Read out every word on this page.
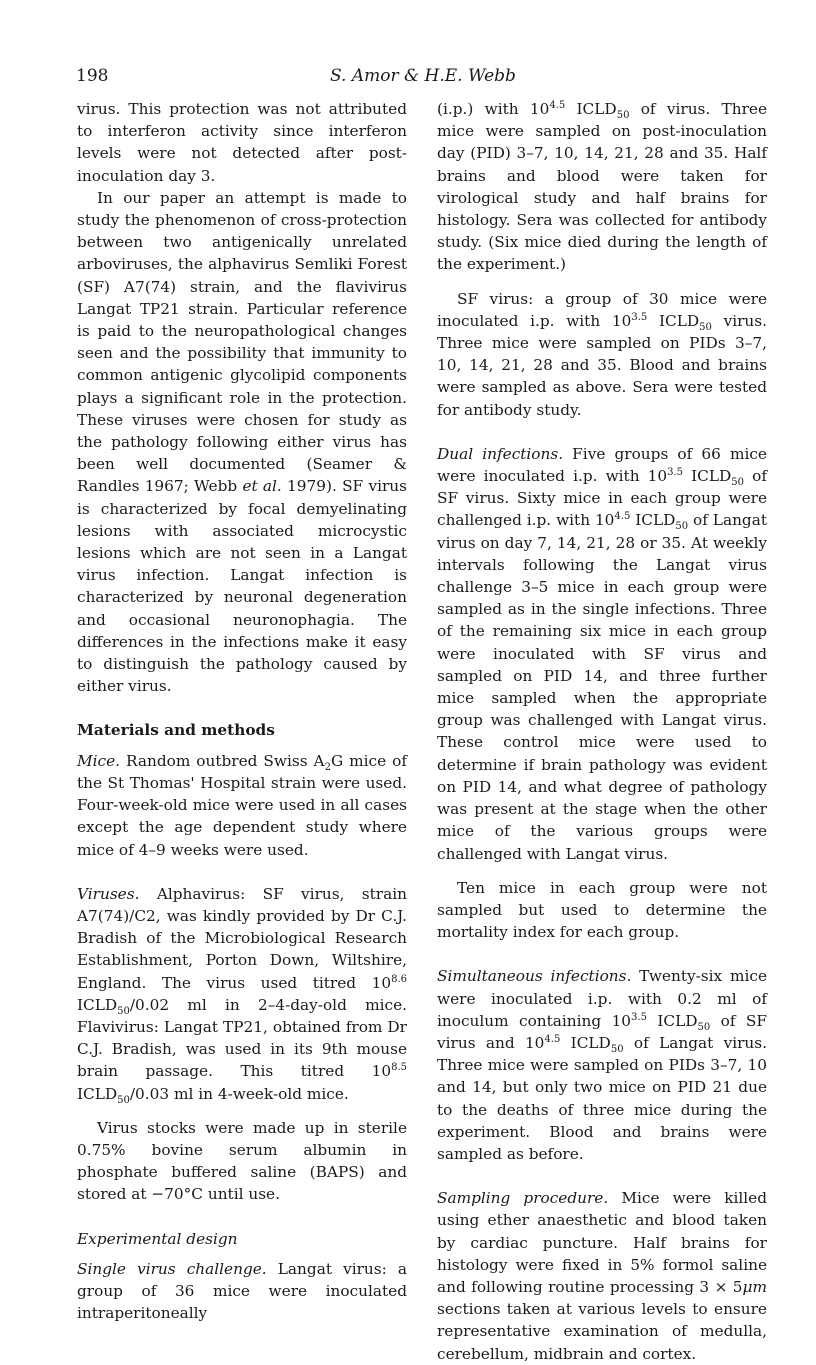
198	S. Amor & H.E. Webb

virus. This protection was not attributed to interferon activity since interferon levels were not detected after post-inoculation day 3.

In our paper an attempt is made to study the phenomenon of cross-protection between two antigenically unrelated arboviruses, the alphavirus Semliki Forest (SF) A7(74) strain, and the flavivirus Langat TP21 strain. Particular reference is paid to the neuropathological changes seen and the possibility that immunity to common antigenic glycolipid components plays a significant role in the protection. These viruses were chosen for study as the pathology following either virus has been well documented (Seamer & Randles 1967; Webb et al. 1979). SF virus is characterized by focal demyelinating lesions with associated microcystic lesions which are not seen in a Langat virus infection. Langat infection is characterized by neuronal degeneration and occasional neuronophagia. The differences in the infections make it easy to distinguish the pathology caused by either virus.

Materials and methods

Mice. Random outbred Swiss $A_2G$ mice of the St Thomas' Hospital strain were used. Four-week-old mice were used in all cases except the age dependent study where mice of 4–9 weeks were used.

Viruses. Alphavirus: SF virus, strain A7(74)/C2, was kindly provided by Dr C.J. Bradish of the Microbiological Research Establishment, Porton Down, Wiltshire, England. The virus used titred $10^{8.6}$ $ICLD_{50}/0.02$ ml in 2–4-day-old mice. Flavivirus: Langat TP21, obtained from Dr C.J. Bradish, was used in its 9th mouse brain passage. This titred $10^{8.5}$ $ICLD_{50}/0.03$ ml in 4-week-old mice.

Virus stocks were made up in sterile 0.75% bovine serum albumin in phosphate buffered saline (BAPS) and stored at −70°C until use.

Experimental design

Single virus challenge. Langat virus: a group of 36 mice were inoculated intraperitoneally

(i.p.) with $10^{4.5}$ $ICLD_{50}$ of virus. Three mice were sampled on post-inoculation day (PID) 3–7, 10, 14, 21, 28 and 35. Half brains and blood were taken for virological study and half brains for histology. Sera was collected for antibody study. (Six mice died during the length of the experiment.)

SF virus: a group of 30 mice were inoculated i.p. with $10^{3.5}$ $ICLD_{50}$ virus. Three mice were sampled on PIDs 3–7, 10, 14, 21, 28 and 35. Blood and brains were sampled as above. Sera were tested for antibody study.

Dual infections. Five groups of 66 mice were inoculated i.p. with $10^{3.5}$ $ICLD_{50}$ of SF virus. Sixty mice in each group were challenged i.p. with $10^{4.5}$ $ICLD_{50}$ of Langat virus on day 7, 14, 21, 28 or 35. At weekly intervals following the Langat virus challenge 3–5 mice in each group were sampled as in the single infections. Three of the remaining six mice in each group were inoculated with SF virus and sampled on PID 14, and three further mice sampled when the appropriate group was challenged with Langat virus. These control mice were used to determine if brain pathology was evident on PID 14, and what degree of pathology was present at the stage when the other mice of the various groups were challenged with Langat virus.

Ten mice in each group were not sampled but used to determine the mortality index for each group.

Simultaneous infections. Twenty-six mice were inoculated i.p. with 0.2 ml of inoculum containing $10^{3.5}$ $ICLD_{50}$ of SF virus and $10^{4.5}$ $ICLD_{50}$ of Langat virus. Three mice were sampled on PIDs 3–7, 10 and 14, but only two mice on PID 21 due to the deaths of three mice during the experiment. Blood and brains were sampled as before.

Sampling procedure. Mice were killed using ether anaesthetic and blood taken by cardiac puncture. Half brains for histology were fixed in 5% formol saline and following routine processing 3 × 5μm sections taken at various levels to ensure representative examination of medulla, cerebellum, midbrain and cortex.
